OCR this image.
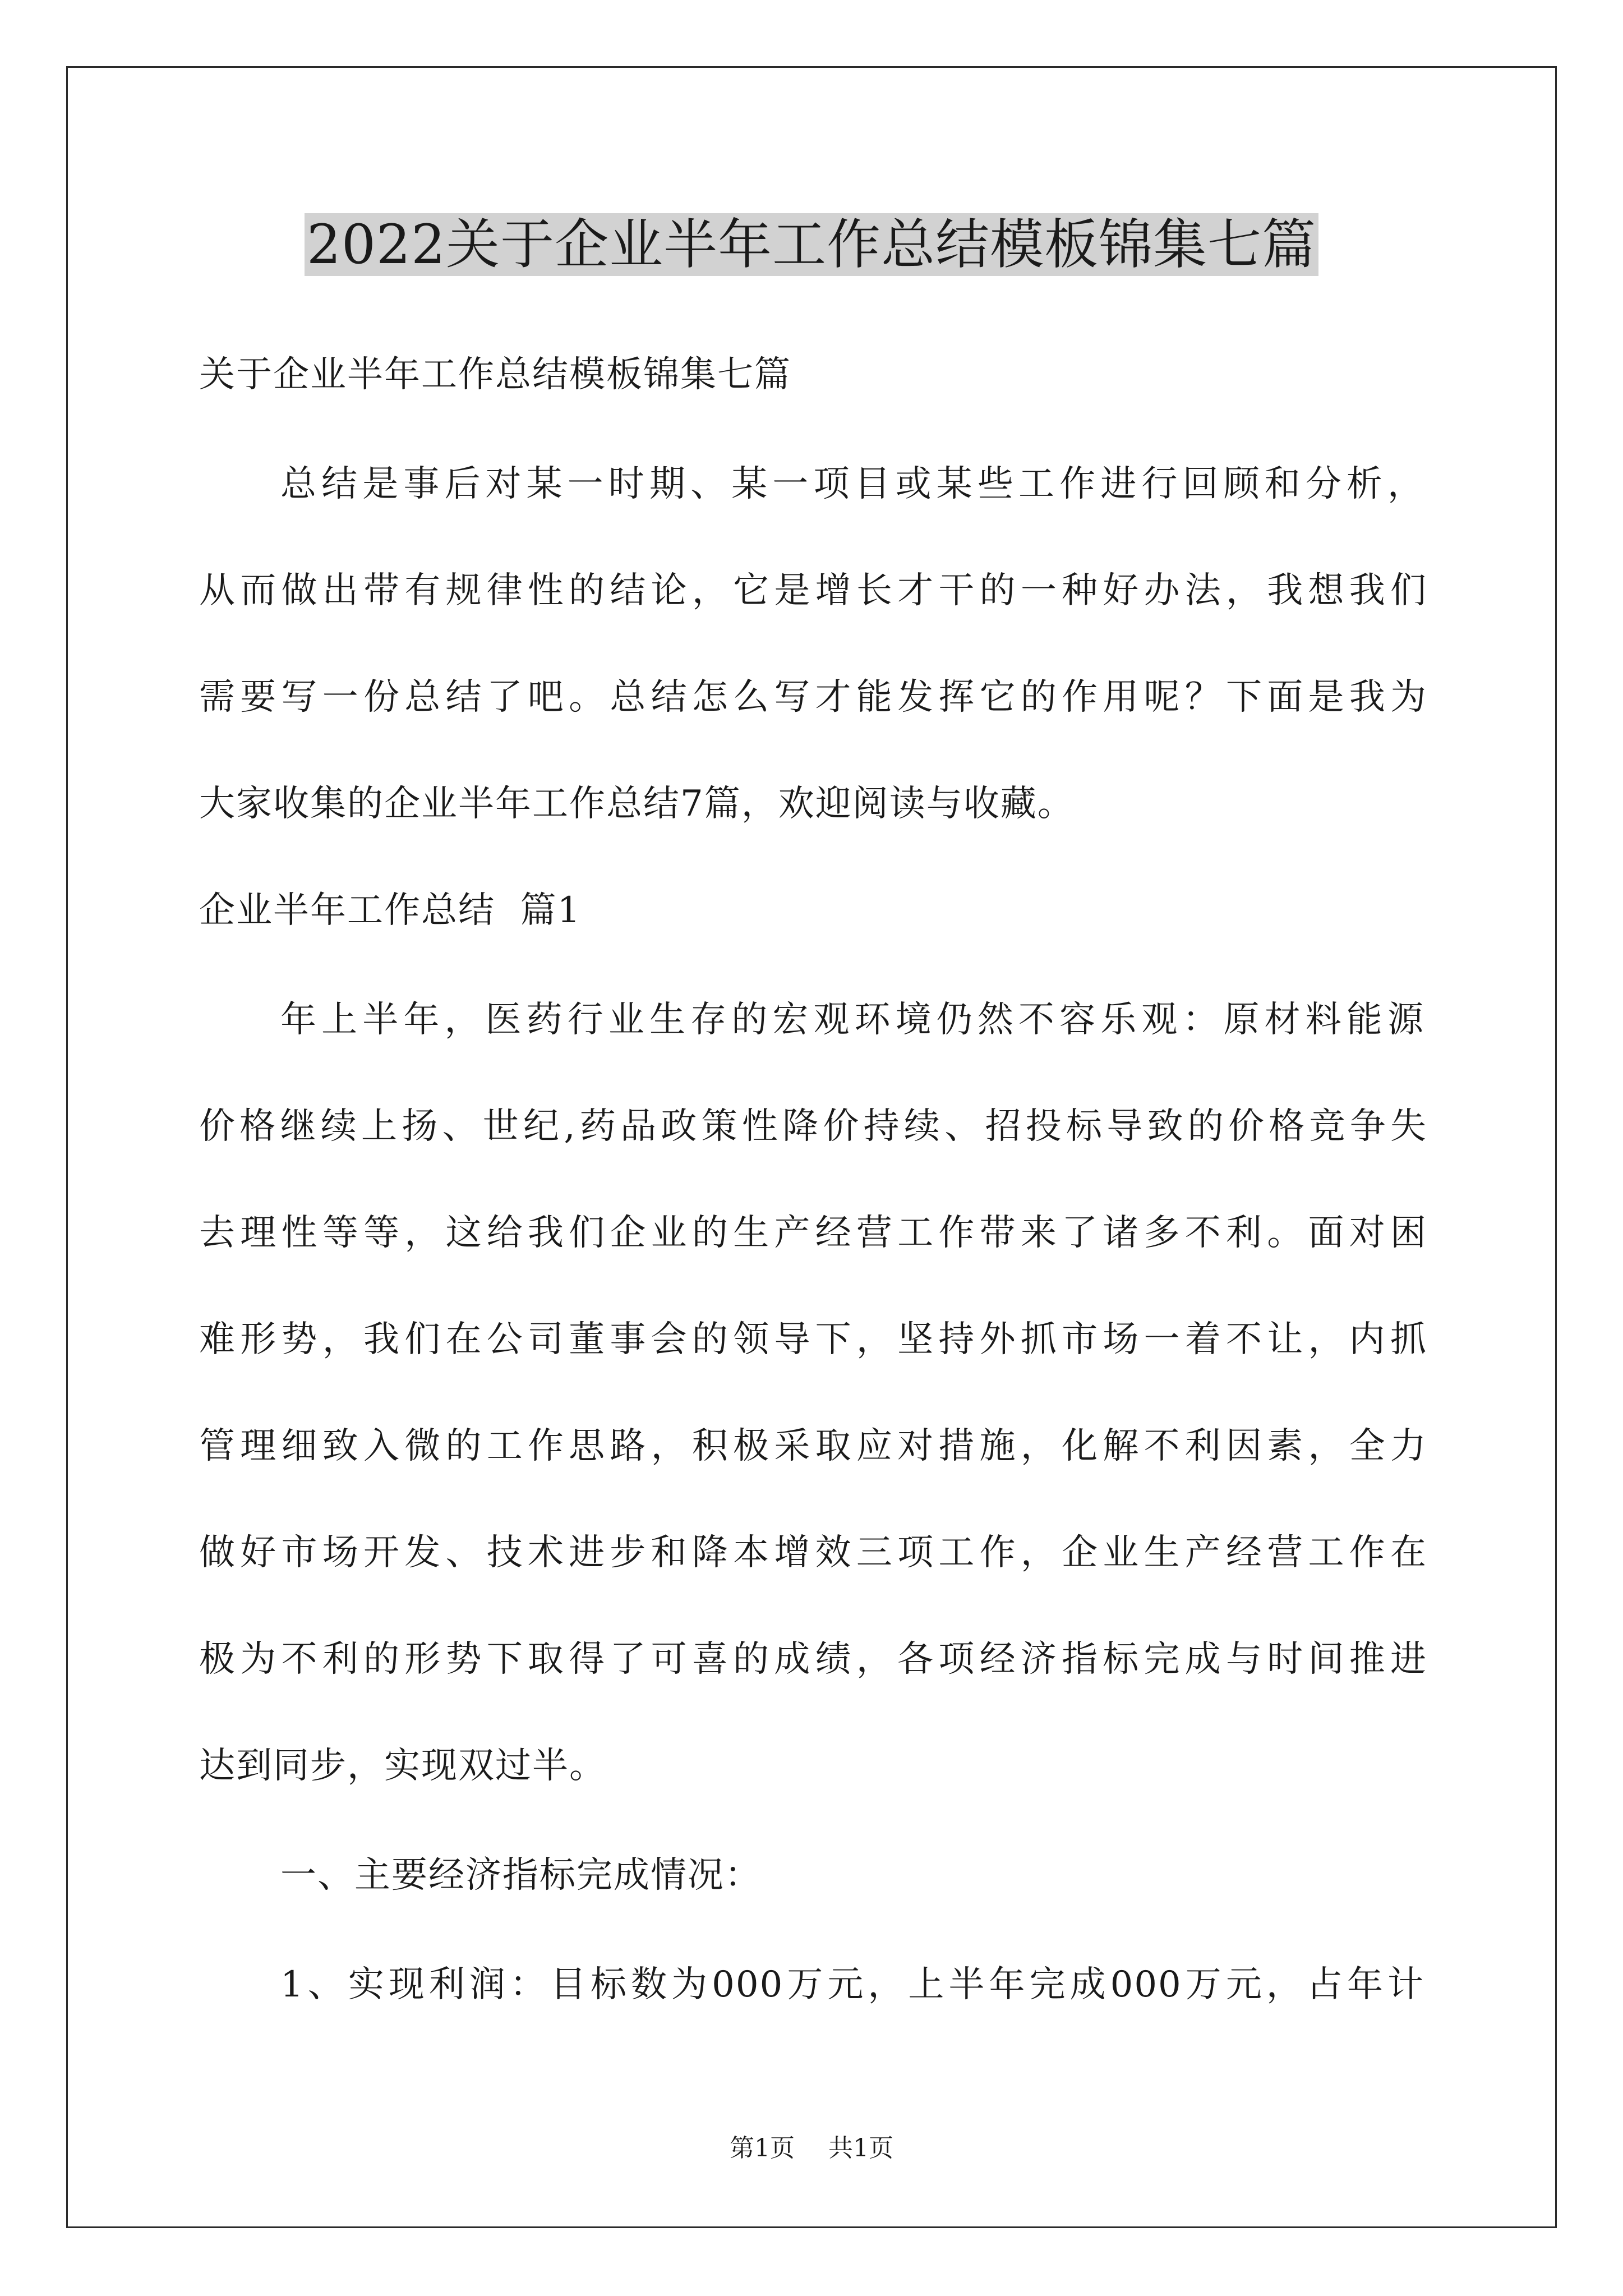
2022关于企业半年工作总结模板锦集七篇
关于企业半年工作总结模板锦集七篇
总结是事后对某一时期、某一项目或某些工作进行回顾和分析，
从而做出带有规律性的结论，它是增长才干的一种好办法，我想我们
需要写一份总结了吧。总结怎么写才能发挥它的作用呢？下面是我为
大家收集的企业半年工作总结7篇，欢迎阅读与收藏。
企业半年工作总结  篇1
年上半年，医药行业生存的宏观环境仍然不容乐观：原材料能源
价格继续上扬、世纪,药品政策性降价持续、招投标导致的价格竞争失
去理性等等，这给我们企业的生产经营工作带来了诸多不利。面对困
难形势，我们在公司董事会的领导下，坚持外抓市场一着不让，内抓
管理细致入微的工作思路，积极采取应对措施，化解不利因素，全力
做好市场开发、技术进步和降本增效三项工作，企业生产经营工作在
极为不利的形势下取得了可喜的成绩，各项经济指标完成与时间推进
达到同步，实现双过半。
一、主要经济指标完成情况：
1、实现利润：目标数为000万元，上半年完成000万元，占年计
第1页 共1页
